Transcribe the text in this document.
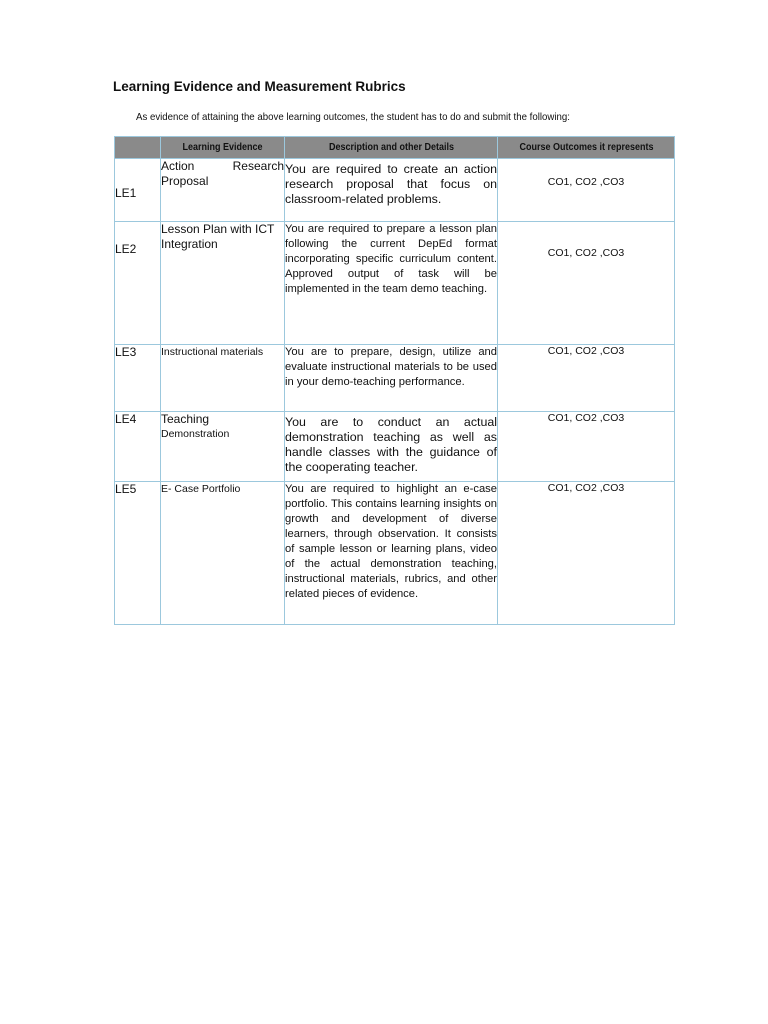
Learning Evidence and Measurement Rubrics

As evidence of attaining the above learning outcomes, the student has to do and submit the following:

	Learning Evidence	Description and other Details	Course Outcomes it represents
LE1	Action Research Proposal	You are required to create an action research proposal that focus on classroom-related problems.	CO1, CO2 ,CO3
LE2	Lesson Plan with ICT Integration	You are required to prepare a lesson plan following the current DepEd format incorporating specific curriculum content. Approved output of task will be implemented in the team demo teaching.	CO1, CO2 ,CO3
LE3	Instructional materials	You are to prepare, design, utilize and evaluate instructional materials to be used in your demo-teaching performance.	CO1, CO2 ,CO3
LE4	Teaching
Demonstration	You are to conduct an actual demonstration teaching as well as handle classes with the guidance of the cooperating teacher.	CO1, CO2 ,CO3
LE5	E- Case Portfolio	You are required to highlight an e-case portfolio. This contains learning insights on growth and development of diverse learners, through observation. It consists of sample lesson or learning plans, video of the actual demonstration teaching, instructional materials, rubrics, and other related pieces of evidence.	CO1, CO2 ,CO3
